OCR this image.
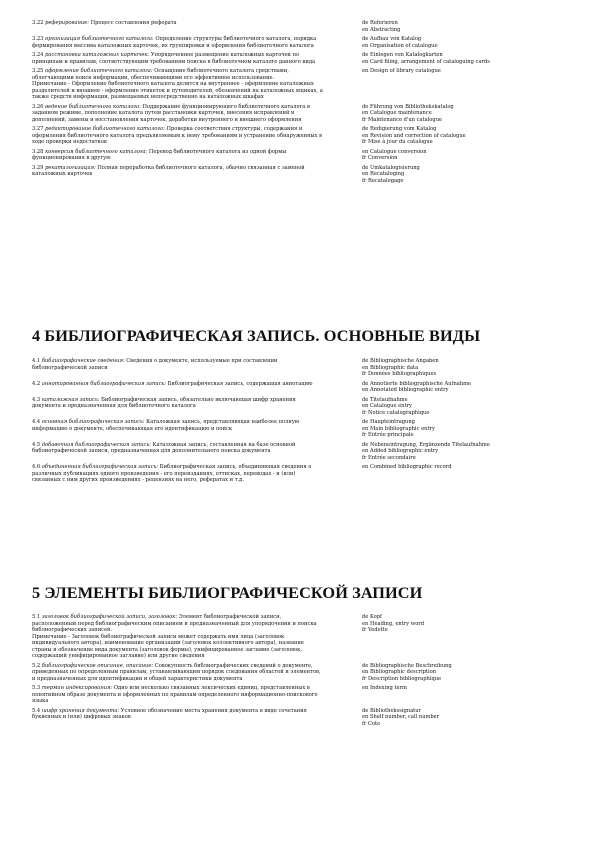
3.22 реферирование: Процесс составления реферата	de Referieren
en Abstracting
3.23 организация библиотечного каталога: Определение структуры библиотечного каталога, порядка формирования массива каталожных карточек, их группировки и оформления библиотечного каталога
de Aufbau von Katalog
en Organisation of catalogue
3.24 расстановка каталожных карточек: Упорядоченное размещение каталожных карточек по принципам и правилам, соответствующим требованиям поиска в библиотечном каталоге данного вида
de Einlegen von Katalogkarten
en Card filing, arrangement of cataloguing cards
3.25 оформление библиотечного каталога: Оснащение библиотечного каталога средствами, облегчающими поиск информации, обеспечивающими его эффективное использование.
Примечание - Оформление библиотечного каталога делится на внутреннее - оформление каталожных разделителей и внешнее - оформление этикеток и путеводителей, обозначений на каталожных ящиках, а также средств информации, размещаемых непосредственно на каталожных шкафах
en Design of library catalogue
3.26 ведение библиотечного каталога: Поддержание функционирующего библиотечного каталога в заданном режиме, пополнение каталога путем расстановки карточек, внесения исправлений и дополнений, замены и восстановления карточек, доработки внутреннего и внешнего оформления
de Führung von Bibliothekskatalog
en Catalogue maintenance
fr Maintenance d'un catalogue
3.27 редактирование библиотечного каталога: Проверка соответствия структуры, содержания и оформления библиотечного каталога предъявляемым к нему требованиям и устранение обнаруженных в ходе проверки недостатков
de Redigierung vom Katalog
en Revision and correction of catalogue
fr Mise à jour du catalogue
3.28 конверсия библиотечного каталога: Перевод библиотечного каталога из одной формы функционирования в другую
en Catalogue conversion
fr Conversion
3.29 рекаталогизация: Полная переработка библиотечного каталога, обычно связанная с заменой каталожных карточек
de Umkatalogisierung
en Recataloging
fr Recatalogage
4 БИБЛИОГРАФИЧЕСКАЯ ЗАПИСЬ. ОСНОВНЫЕ ВИДЫ
4.1 библиографические сведения: Сведения о документе, используемые при составлении библиографической записи
de Bibliographische Angaben
en Bibliographic data
fr Données bibliographiques
4.2 аннотированная библиографическая запись: Библиографическая запись, содержащая аннотацию	de Annotierte bibliographische Aufnahme
en Annotated bibliographic entry
4.3 каталожная запись: Библиографическая запись, обязательно включающая шифр хранения документа и предназначенная для библиотечного каталога
de Titelaufnahme
en Catalogue entry
fr Notice catalographique
4.4 основная библиографическая запись: Каталожная запись, представляющая наиболее полную информацию о документе, обеспечивающая его идентификацию и поиск
de Haupteintragung
en Main bibliographic entry
fr Entrée principale
4.5 добавочная библиографическая запись: Каталожная запись, составленная на базе основной библиографической записи, предназначенная для дополнительного поиска документа
de Nebeneintragung, Ergänzende Titelaufnahme
en Added bibliographic entry
fr Entrée secondaire
4.6 объединенная библиографическая запись: Библиографическая запись, объединяющая сведения о различных публикациях одного произведения - его переизданиях, оттисках, переводах - и (или) связанных с ним других произведениях - рецензиях на него, рефератах и т.д.
en Combined bibliographic record
5 ЭЛЕМЕНТЫ БИБЛИОГРАФИЧЕСКОЙ ЗАПИСИ
5.1 заголовок библиографической записи, заголовок: Элемент библиографической записи, расположенный перед библиографическим описанием и предназначенный для упорядочения и поиска библиографических записей.
Примечание - Заголовок библиографической записи может содержать имя лица (заголовок индивидуального автора), наименование организации (заголовок коллективного автора), название страны и обозначение вида документа (заголовок формы), унифицированное заглавие (заголовок, содержащий унифицированное заглавие) или другие сведения
de Kopf
en Heading, entry word
fr Vedette
5.2 библиографическое описание, описание: Совокупность библиографических сведений о документе, приведенных по определенным правилам, устанавливающим порядок следования областей и элементов, и предназначенных для идентификации и общей характеристики документа
de Bibliographische Beschreibung
en Bibliographic description
fr Description bibliographique
5.3 термин индексирования: Одно или несколько связанных лексических единиц, представленных в понятийном образе документа и оформленных по правилам определенного информационно-поискового языка
en Indexing term
5.4 шифр хранения документа: Условное обозначение места хранения документа в виде сочетания буквенных и (или) цифровых знаков
de Bibliothekssignatur
en Shelf number, call number
fr Cote
